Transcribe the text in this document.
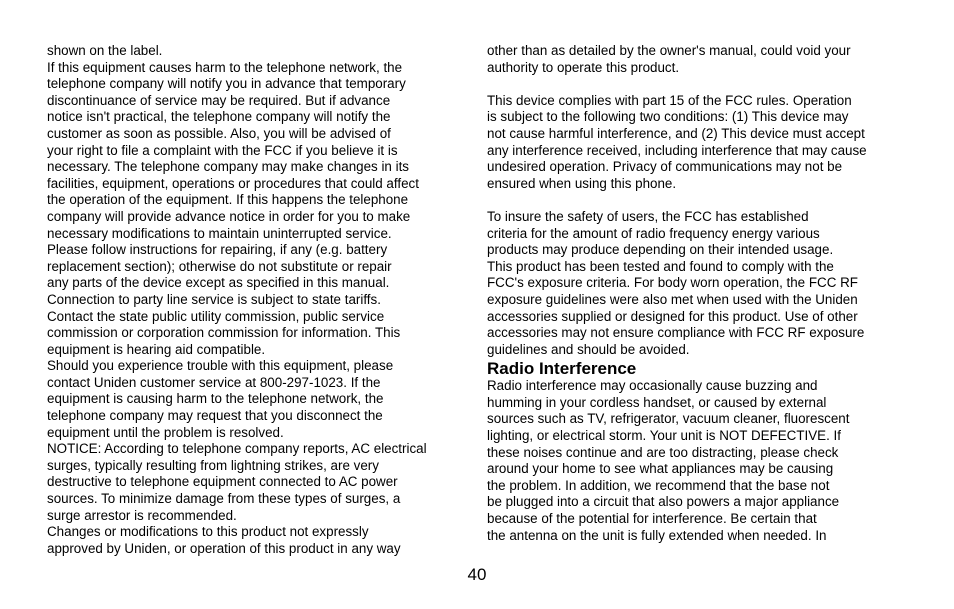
shown on the label.
If this equipment causes harm to the telephone network, the
telephone company will notify you in advance that temporary
discontinuance of service may be required. But if advance
notice isn't practical, the telephone company will notify the
customer as soon as possible. Also, you will be advised of
your right to file a complaint with the FCC if you believe it is
necessary. The telephone company may make changes in its
facilities, equipment, operations or procedures that could affect
the operation of the equipment. If this happens the telephone
company will provide advance notice in order for you to make
necessary modifications to maintain uninterrupted service.
Please follow instructions for repairing, if any (e.g. battery
replacement section); otherwise do not substitute or repair
any parts of the device except as specified in this manual.
Connection to party line service is subject to state tariffs.
Contact the state public utility commission, public service
commission or corporation commission for information. This
equipment is hearing aid compatible.
Should you experience trouble with this equipment, please
contact Uniden customer service at 800-297-1023. If the
equipment is causing harm to the telephone network, the
telephone company may request that you disconnect the
equipment until the problem is resolved.
NOTICE: According to telephone company reports, AC electrical
surges, typically resulting from lightning strikes, are very
destructive to telephone equipment connected to AC power
sources. To minimize damage from these types of surges, a
surge arrestor is recommended.
Changes or modifications to this product not expressly
approved by Uniden, or operation of this product in any way
other than as detailed by the owner's manual, could void your
authority to operate this product.
This device complies with part 15 of the FCC rules. Operation
is subject to the following two conditions: (1) This device may
not cause harmful interference, and (2) This device must accept
any interference received, including interference that may cause
undesired operation. Privacy of communications may not be
ensured when using this phone.
To insure the safety of users, the FCC has established
criteria for the amount of radio frequency energy various
products may produce depending on their intended usage.
This product has been tested and found to comply with the
FCC's exposure criteria. For body worn operation, the FCC RF
exposure guidelines were also met when used with the Uniden
accessories supplied or designed for this product. Use of other
accessories may not ensure compliance with FCC RF exposure
guidelines and should be avoided.
Radio Interference
Radio interference may occasionally cause buzzing and
humming in your cordless handset, or caused by external
sources such as TV, refrigerator, vacuum cleaner, fluorescent
lighting, or electrical storm. Your unit is NOT DEFECTIVE. If
these noises continue and are too distracting, please check
around your home to see what appliances may be causing
the problem. In addition, we recommend that the base not
be plugged into a circuit that also powers a major appliance
because of the potential for interference. Be certain that
the antenna on the unit is fully extended when needed. In
40
